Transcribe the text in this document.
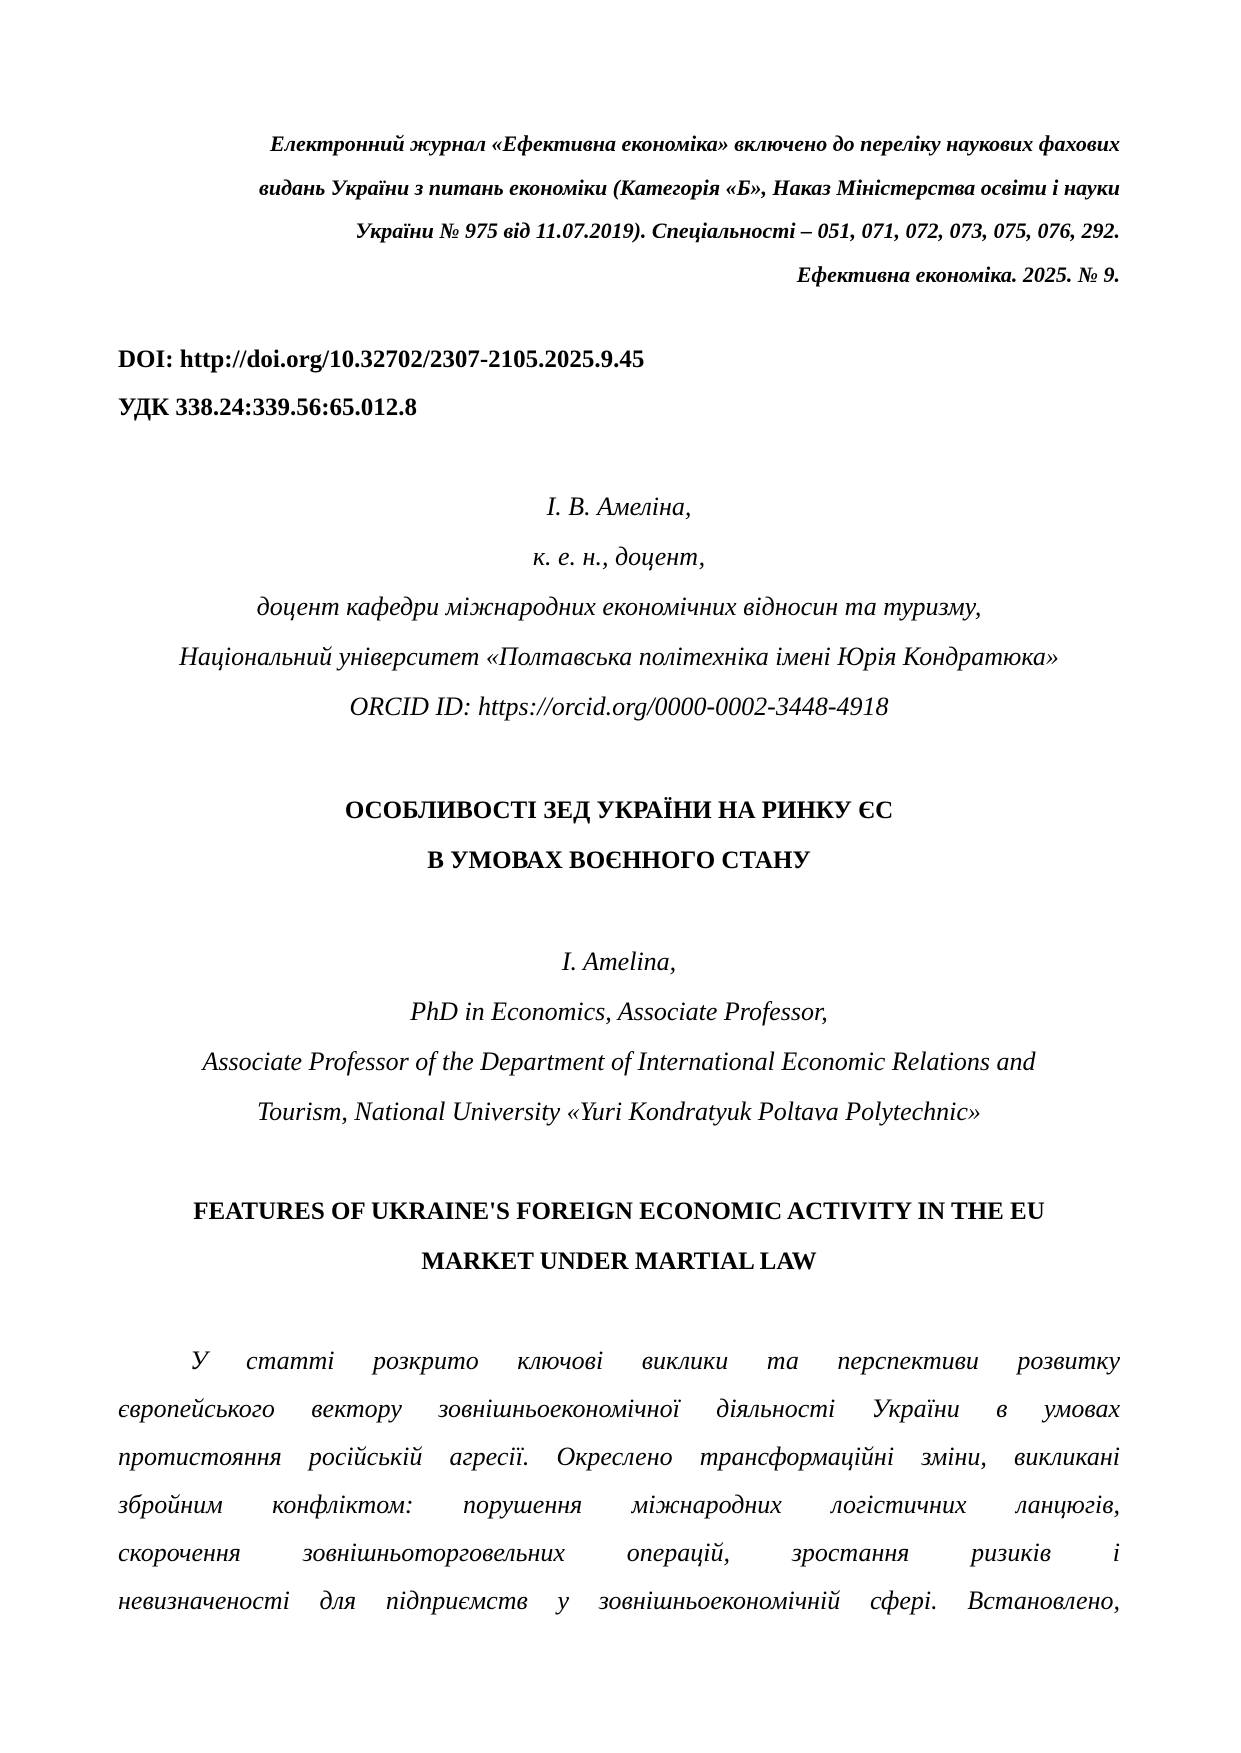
Електронний журнал «Ефективна економіка» включено до переліку наукових фахових
видань України з питань економіки (Категорія «Б», Наказ Міністерства освіти і науки
України № 975 від 11.07.2019). Спеціальності – 051, 071, 072, 073, 075, 076, 292.
Ефективна економіка. 2025. № 9.
DOI: http://doi.org/10.32702/2307-2105.2025.9.45
УДК 338.24:339.56:65.012.8
І. В. Амеліна,
к. е. н., доцент,
доцент кафедри міжнародних економічних відносин та туризму,
Національний університет «Полтавська політехніка імені Юрія Кондратюка»
ORCID ID: https://orcid.org/0000-0002-3448-4918
ОСОБЛИВОСТІ ЗЕД УКРАЇНИ НА РИНКУ ЄС
В УМОВАХ ВОЄННОГО СТАНУ
I. Amelina,
PhD in Economics, Associate Professor,
Associate Professor of the Department of International Economic Relations and
Tourism, National University «Yuri Kondratyuk Poltava Polytechnic»
FEATURES OF UKRAINE'S FOREIGN ECONOMIC ACTIVITY IN THE EU
MARKET UNDER MARTIAL LAW
У статті розкрито ключові виклики та перспективи розвитку
європейського вектору зовнішньоекономічної діяльності України в умовах
протистояння російській агресії. Окреслено трансформаційні зміни, викликані
збройним конфліктом: порушення міжнародних логістичних ланцюгів,
скорочення зовнішньоторговельних операцій, зростання ризиків і
невизначеності для підприємств у зовнішньоекономічній сфері. Встановлено,
